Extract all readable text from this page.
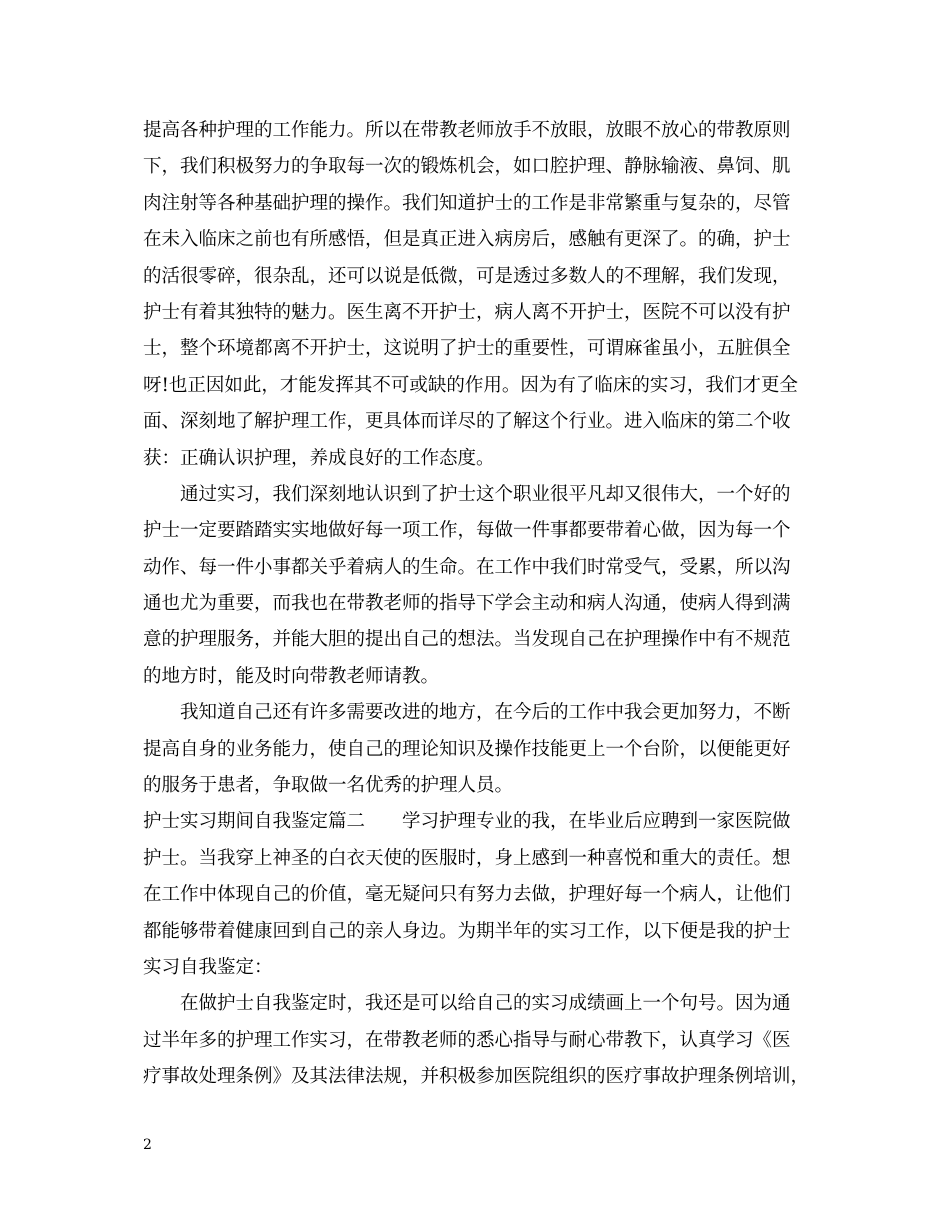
提高各种护理的工作能力。所以在带教老师放手不放眼，放眼不放心的带教原则
下，我们积极努力的争取每一次的锻炼机会，如口腔护理、静脉输液、鼻饲、肌
肉注射等各种基础护理的操作。我们知道护士的工作是非常繁重与复杂的，尽管
在未入临床之前也有所感悟，但是真正进入病房后，感触有更深了。的确，护士
的活很零碎，很杂乱，还可以说是低微，可是透过多数人的不理解，我们发现，
护士有着其独特的魅力。医生离不开护士，病人离不开护士，医院不可以没有护
士，整个环境都离不开护士，这说明了护士的重要性，可谓麻雀虽小，五脏俱全
呀!也正因如此，才能发挥其不可或缺的作用。因为有了临床的实习，我们才更全
面、深刻地了解护理工作，更具体而详尽的了解这个行业。进入临床的第二个收
获：正确认识护理，养成良好的工作态度。
通过实习，我们深刻地认识到了护士这个职业很平凡却又很伟大，一个好的
护士一定要踏踏实实地做好每一项工作，每做一件事都要带着心做，因为每一个
动作、每一件小事都关乎着病人的生命。在工作中我们时常受气，受累，所以沟
通也尤为重要，而我也在带教老师的指导下学会主动和病人沟通，使病人得到满
意的护理服务，并能大胆的提出自己的想法。当发现自己在护理操作中有不规范
的地方时，能及时向带教老师请教。
我知道自己还有许多需要改进的地方，在今后的工作中我会更加努力，不断
提高自身的业务能力，使自己的理论知识及操作技能更上一个台阶，以便能更好
的服务于患者，争取做一名优秀的护理人员。
护士实习期间自我鉴定篇二　　学习护理专业的我，在毕业后应聘到一家医院做
护士。当我穿上神圣的白衣天使的医服时，身上感到一种喜悦和重大的责任。想
在工作中体现自己的价值，毫无疑问只有努力去做，护理好每一个病人，让他们
都能够带着健康回到自己的亲人身边。为期半年的实习工作，以下便是我的护士
实习自我鉴定：
在做护士自我鉴定时，我还是可以给自己的实习成绩画上一个句号。因为通
过半年多的护理工作实习，在带教老师的悉心指导与耐心带教下，认真学习《医
疗事故处理条例》及其法律法规，并积极参加医院组织的医疗事故护理条例培训，
2
